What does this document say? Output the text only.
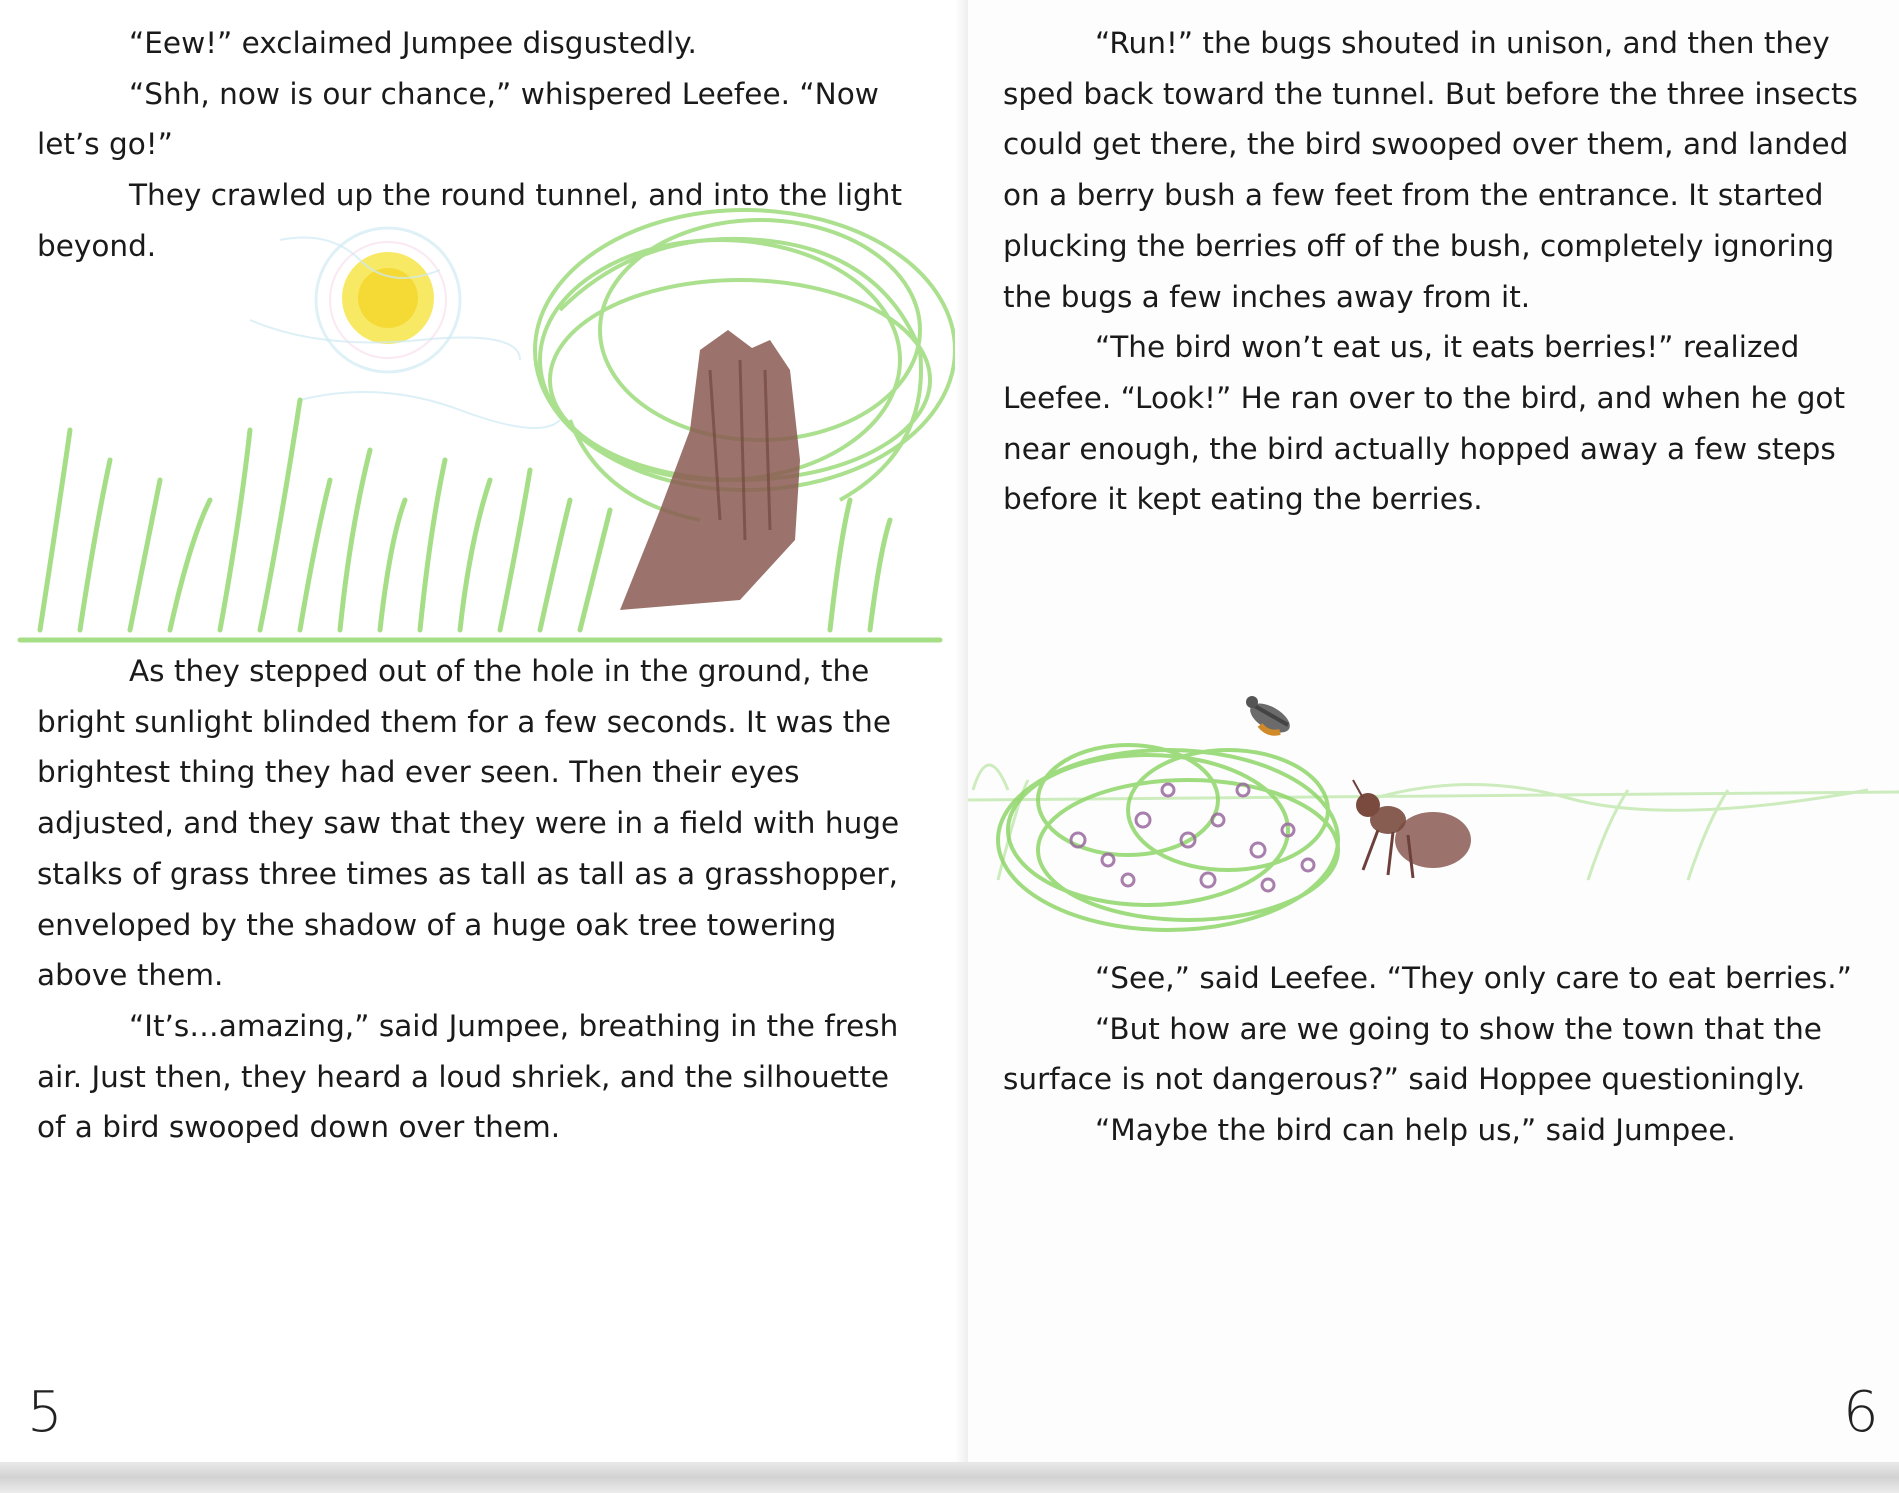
“Eew!” exclaimed Jumpee disgustedly.

“Shh, now is our chance,” whispered Leefee. “Now let’s go!”

They crawled up the round tunnel, and into the light beyond.

As they stepped out of the hole in the ground, the bright sunlight blinded them for a few seconds. It was the brightest thing they had ever seen. Then their eyes adjusted, and they saw that they were in a field with huge stalks of grass three times as tall as tall as a grasshopper, enveloped by the shadow of a huge oak tree towering above them.

“It’s…amazing,” said Jumpee, breathing in the fresh air. Just then, they heard a loud shriek, and the silhouette of a bird swooped down over them.

5

“Run!” the bugs shouted in unison, and then they sped back toward the tunnel. But before the three insects could get there, the bird swooped over them, and landed on a berry bush a few feet from the entrance. It started plucking the berries off of the bush, completely ignoring the bugs a few inches away from it.

“The bird won’t eat us, it eats berries!” realized Leefee. “Look!” He ran over to the bird, and when he got near enough, the bird actually hopped away a few steps before it kept eating the berries.

“See,” said Leefee. “They only care to eat berries.”

“But how are we going to show the town that the surface is not dangerous?” said Hoppee questioningly.

“Maybe the bird can help us,” said Jumpee.

6
